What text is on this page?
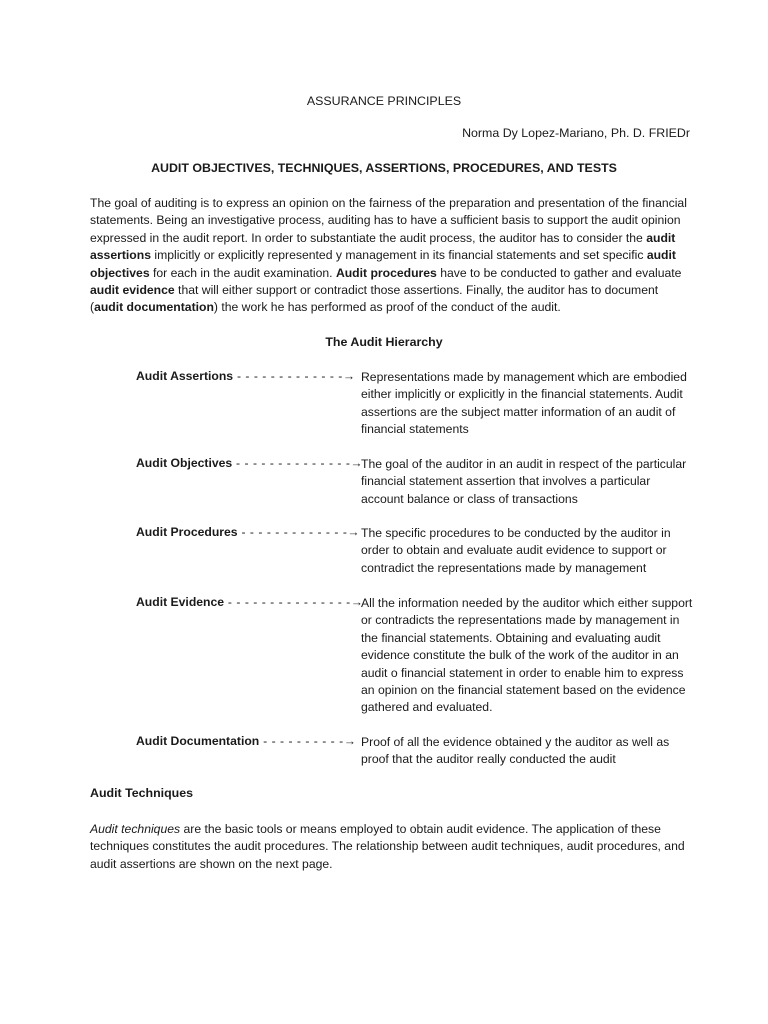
ASSURANCE PRINCIPLES
Norma Dy Lopez-Mariano, Ph. D. FRIEDr
AUDIT OBJECTIVES, TECHNIQUES, ASSERTIONS, PROCEDURES, AND TESTS
The goal of auditing is to express an opinion on the fairness of the preparation and presentation of the financial statements. Being an investigative process, auditing has to have a sufficient basis to support the audit opinion expressed in the audit report. In order to substantiate the audit process, the auditor has to consider the audit assertions implicitly or explicitly represented y management in its financial statements and set specific audit objectives for each in the audit examination. Audit procedures have to be conducted to gather and evaluate audit evidence that will either support or contradict those assertions. Finally, the auditor has to document (audit documentation) the work he has performed as proof of the conduct of the audit.
The Audit Hierarchy
Audit Assertions - - - - - - - - - - - - -→ Representations made by management which are embodied either implicitly or explicitly in the financial statements. Audit assertions are the subject matter information of an audit of financial statements
Audit Objectives - - - - - - - - - - - - - -→
The goal of the auditor in an audit in respect of the particular financial statement assertion that involves a particular account balance or class of transactions
Audit Procedures - - - - - - - - - - - - -→ The specific procedures to be conducted by the auditor in order to obtain and evaluate audit evidence to support or contradict the representations made by management
Audit Evidence - - - - - - - - - - - - - - -→
All the information needed by the auditor which either support or contradicts the representations made by management in the financial statements. Obtaining and evaluating audit evidence constitute the bulk of the work of the auditor in an audit o financial statement in order to enable him to express an opinion on the financial statement based on the evidence gathered and evaluated.
Audit Documentation - - - - - - - - - -→ Proof of all the evidence obtained y the auditor as well as proof that the auditor really conducted the audit
Audit Techniques
Audit techniques are the basic tools or means employed to obtain audit evidence. The application of these techniques constitutes the audit procedures. The relationship between audit techniques, audit procedures, and audit assertions are shown on the next page.
